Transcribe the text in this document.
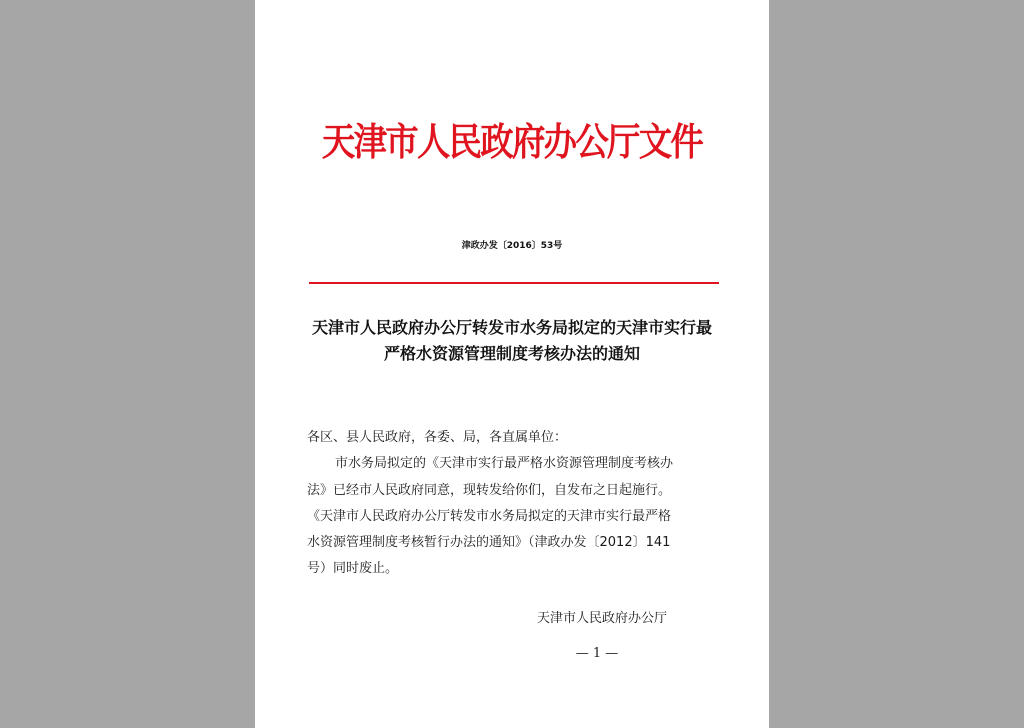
天津市人民政府办公厅文件

津政办发〔2016〕53号

天津市人民政府办公厅转发市水务局拟定的天津市实行最

严格水资源管理制度考核办法的通知

各区、县人民政府，各委、局，各直属单位：

市水务局拟定的《天津市实行最严格水资源管理制度考核办

法》已经市人民政府同意，现转发给你们，自发布之日起施行。

《天津市人民政府办公厅转发市水务局拟定的天津市实行最严格

水资源管理制度考核暂行办法的通知》（津政办发〔2012〕141

号）同时废止。

天津市人民政府办公厅

— 1 —
